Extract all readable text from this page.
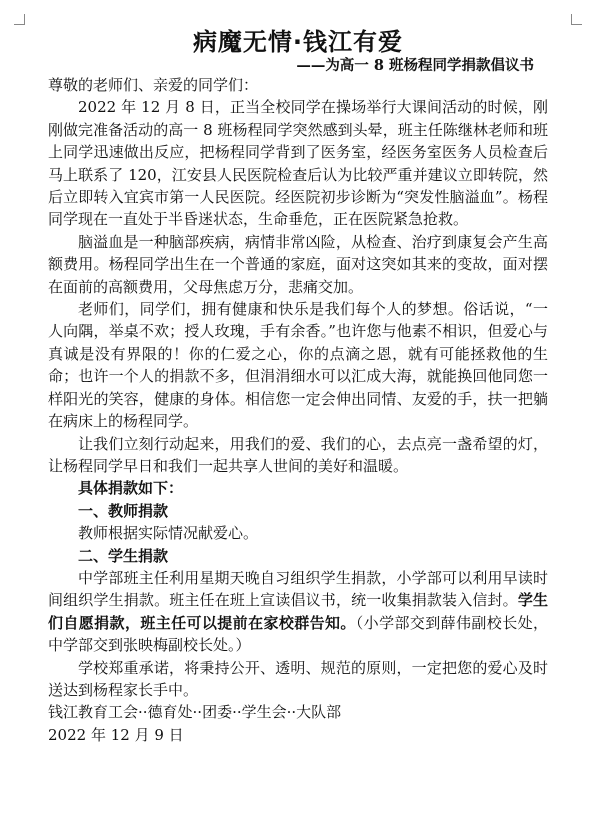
病魔无情·钱江有爱
——为高一 8 班杨程同学捐款倡议书

尊敬的老师们、亲爱的同学们：

2022 年 12 月 8 日，正当全校同学在操场举行大课间活动的时候，刚刚做完准备活动的高一 8 班杨程同学突然感到头晕，班主任陈继林老师和班上同学迅速做出反应，把杨程同学背到了医务室，经医务室医务人员检查后马上联系了 120，江安县人民医院检查后认为比较严重并建议立即转院，然后立即转入宜宾市第一人民医院。经医院初步诊断为“突发性脑溢血”。杨程同学现在一直处于半昏迷状态，生命垂危，正在医院紧急抢救。

脑溢血是一种脑部疾病，病情非常凶险，从检查、治疗到康复会产生高额费用。杨程同学出生在一个普通的家庭，面对这突如其来的变故，面对摆在面前的高额费用，父母焦虑万分，悲痛交加。

老师们，同学们，拥有健康和快乐是我们每个人的梦想。俗话说，“一人向隅，举桌不欢；授人玫瑰，手有余香。”也许您与他素不相识，但爱心与真诚是没有界限的！你的仁爱之心，你的点滴之恩，就有可能拯救他的生命；也许一个人的捐款不多，但涓涓细水可以汇成大海，就能换回他同您一样阳光的笑容，健康的身体。相信您一定会伸出同情、友爱的手，扶一把躺在病床上的杨程同学。

让我们立刻行动起来，用我们的爱、我们的心，去点亮一盏希望的灯，让杨程同学早日和我们一起共享人世间的美好和温暖。

具体捐款如下：

一、教师捐款

教师根据实际情况献爱心。

二、学生捐款

中学部班主任利用星期天晚自习组织学生捐款，小学部可以利用早读时间组织学生捐款。班主任在班上宣读倡议书，统一收集捐款装入信封。学生们自愿捐款，班主任可以提前在家校群告知。（小学部交到薛伟副校长处，中学部交到张映梅副校长处。）

学校郑重承诺，将秉持公开、透明、规范的原则，一定把您的爱心及时送达到杨程家长手中。

钱江教育工会··德育处··团委··学生会··大队部

2022 年 12 月 9 日
